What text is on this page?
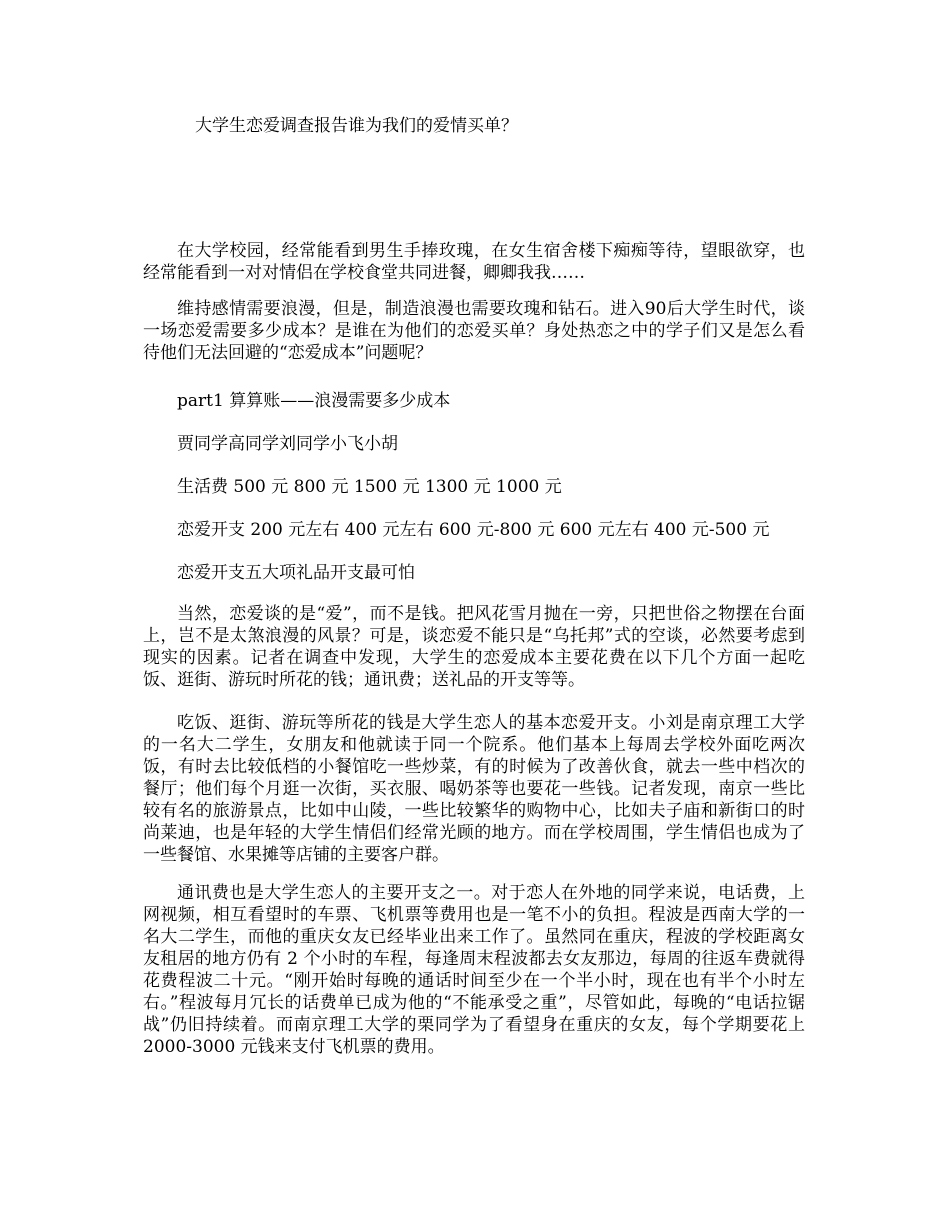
大学生恋爱调查报告谁为我们的爱情买单？

在大学校园，经常能看到男生手捧玫瑰，在女生宿舍楼下痴痴等待，望眼欲穿，也经常能看到一对对情侣在学校食堂共同进餐，卿卿我我……

维持感情需要浪漫，但是，制造浪漫也需要玫瑰和钻石。进入90后大学生时代，谈一场恋爱需要多少成本？是谁在为他们的恋爱买单？身处热恋之中的学子们又是怎么看待他们无法回避的“恋爱成本”问题呢？

part1 算算账——浪漫需要多少成本

贾同学高同学刘同学小飞小胡

生活费 500 元 800 元 1500 元 1300 元 1000 元

恋爱开支 200 元左右 400 元左右 600 元-800 元 600 元左右 400 元-500 元

恋爱开支五大项礼品开支最可怕

当然，恋爱谈的是“爱”，而不是钱。把风花雪月抛在一旁，只把世俗之物摆在台面上，岂不是太煞浪漫的风景？可是，谈恋爱不能只是“乌托邦”式的空谈，必然要考虑到现实的因素。记者在调查中发现，大学生的恋爱成本主要花费在以下几个方面一起吃饭、逛街、游玩时所花的钱；通讯费；送礼品的开支等等。

吃饭、逛街、游玩等所花的钱是大学生恋人的基本恋爱开支。小刘是南京理工大学的一名大二学生，女朋友和他就读于同一个院系。他们基本上每周去学校外面吃两次饭，有时去比较低档的小餐馆吃一些炒菜，有的时候为了改善伙食，就去一些中档次的餐厅；他们每个月逛一次街，买衣服、喝奶茶等也要花一些钱。记者发现，南京一些比较有名的旅游景点，比如中山陵，一些比较繁华的购物中心，比如夫子庙和新街口的时尚莱迪，也是年轻的大学生情侣们经常光顾的地方。而在学校周围，学生情侣也成为了一些餐馆、水果摊等店铺的主要客户群。

通讯费也是大学生恋人的主要开支之一。对于恋人在外地的同学来说，电话费，上网视频，相互看望时的车票、飞机票等费用也是一笔不小的负担。程波是西南大学的一名大二学生，而他的重庆女友已经毕业出来工作了。虽然同在重庆，程波的学校距离女友租居的地方仍有 2 个小时的车程，每逢周末程波都去女友那边，每周的往返车费就得花费程波二十元。“刚开始时每晚的通话时间至少在一个半小时，现在也有半个小时左右。”程波每月冗长的话费单已成为他的“不能承受之重”，尽管如此，每晚的“电话拉锯战”仍旧持续着。而南京理工大学的栗同学为了看望身在重庆的女友，每个学期要花上 2000-3000 元钱来支付飞机票的费用。
